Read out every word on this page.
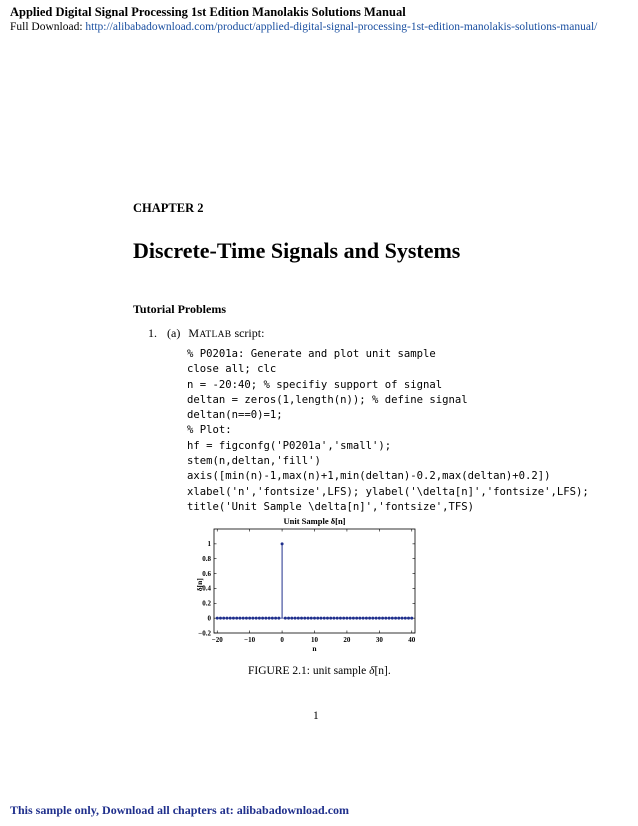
Applied Digital Signal Processing 1st Edition Manolakis Solutions Manual
Full Download: http://alibabadownload.com/product/applied-digital-signal-processing-1st-edition-manolakis-solutions-manual/
CHAPTER 2
Discrete-Time Signals and Systems
Tutorial Problems
1. (a) MATLAB script:
% P0201a: Generate and plot unit sample
close all; clc
n = -20:40; % specifiy support of signal
deltan = zeros(1,length(n)); % define signal
deltan(n==0)=1;
% Plot:
hf = figconfg('P0201a','small');
stem(n,deltan,'fill')
axis([min(n)-1,max(n)+1,min(deltan)-0.2,max(deltan)+0.2])
xlabel('n','fontsize',LFS); ylabel('\delta[n]','fontsize',LFS);
title('Unit Sample \delta[n]','fontsize',TFS)
Unit Sample δ[n]
−20	−10	0	10	20	30	40
−0.2
0
0.2
0.4
0.6
0.8
1
n
δ[n]
FIGURE 2.1: unit sample δ[n].
1
This sample only, Download all chapters at: alibabadownload.com
